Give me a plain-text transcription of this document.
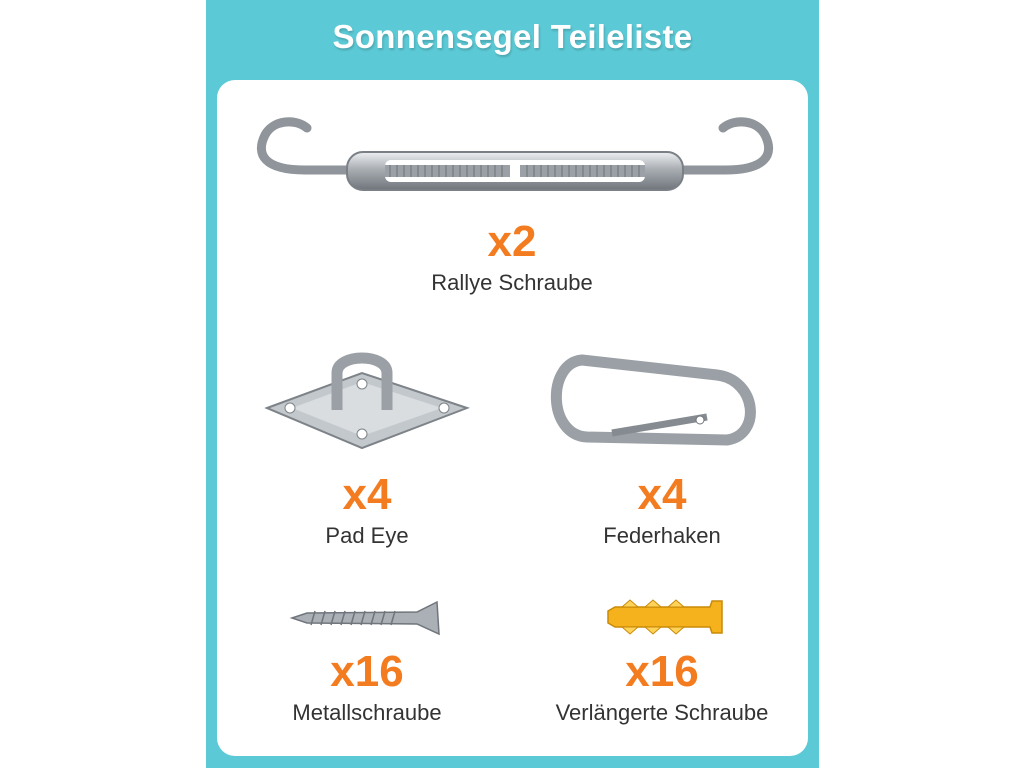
Sonnensegel Teileliste
x2
Rallye Schraube
x4
Pad Eye
x4
Federhaken
x16
Metallschraube
x16
Verlängerte Schraube
